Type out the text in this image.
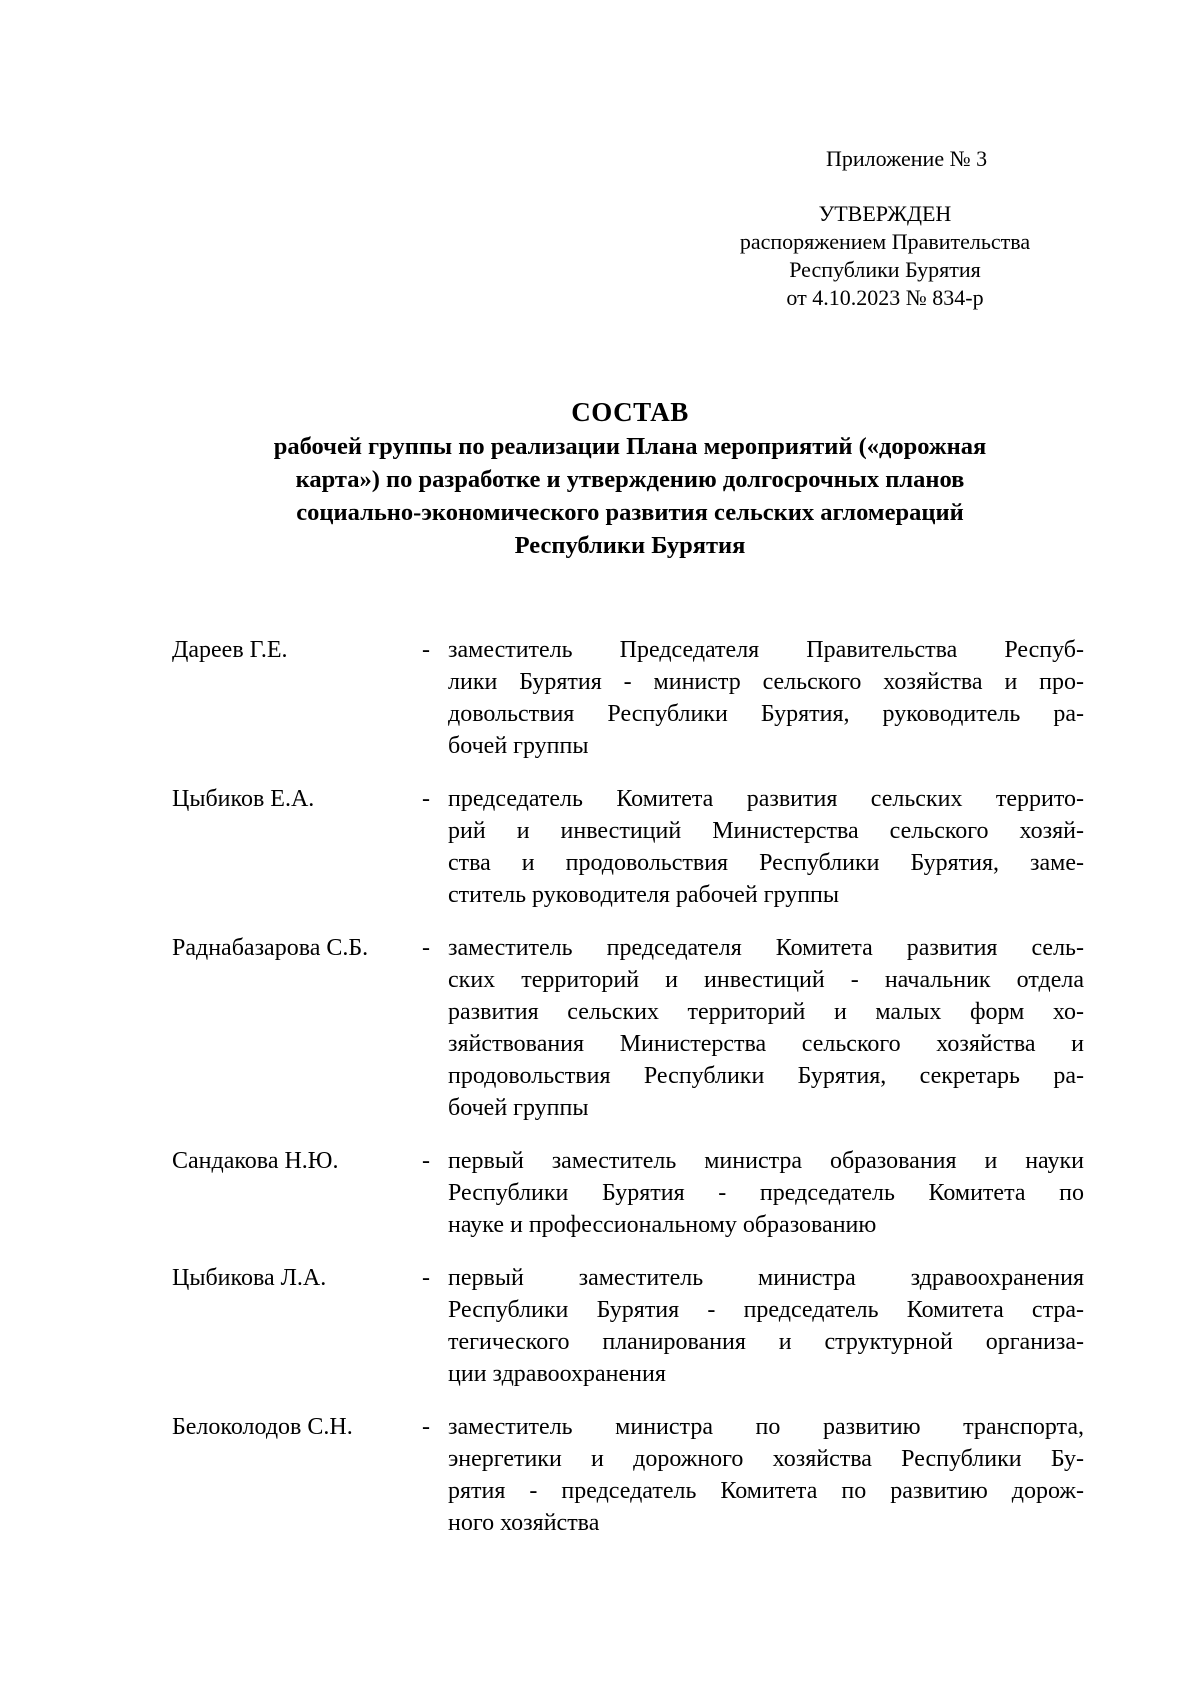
Приложение № 3
УТВЕРЖДЕН
распоряжением Правительства
Республики Бурятия
от 4.10.2023 № 834-р
СОСТАВ
рабочей группы по реализации Плана мероприятий («дорожная
карта») по разработке и утверждению долгосрочных планов
социально-экономического развития сельских агломераций
Республики Бурятия
Дареев Г.Е.	- заместитель Председателя Правительства Респуб-
лики Бурятия - министр сельского хозяйства и про-
довольствия Республики Бурятия, руководитель ра-
бочей группы
Цыбиков Е.А.	- председатель Комитета развития сельских террито-
рий и инвестиций Министерства сельского хозяй-
ства и продовольствия Республики Бурятия, заме-
ститель руководителя рабочей группы
Раднабазарова С.Б.	- заместитель председателя Комитета развития сель-
ских территорий и инвестиций - начальник отдела
развития сельских территорий и малых форм хо-
зяйствования Министерства сельского хозяйства и
продовольствия Республики Бурятия, секретарь ра-
бочей группы
Сандакова Н.Ю.	- первый заместитель министра образования и науки
Республики Бурятия - председатель Комитета по
науке и профессиональному образованию
Цыбикова Л.А.	- первый заместитель министра здравоохранения
Республики Бурятия - председатель Комитета стра-
тегического планирования и структурной организа-
ции здравоохранения
Белоколодов С.Н.	- заместитель министра по развитию транспорта,
энергетики и дорожного хозяйства Республики Бу-
рятия - председатель Комитета по развитию дорож-
ного хозяйства
